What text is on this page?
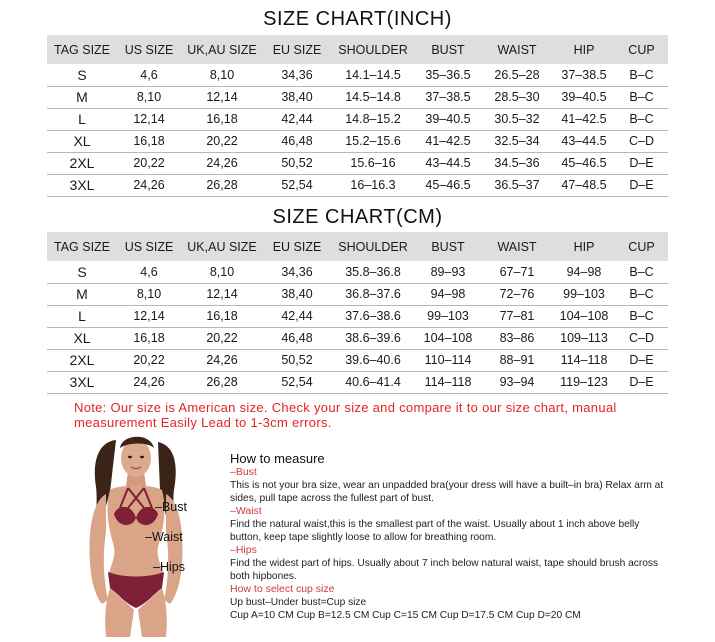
SIZE CHART(INCH)
TAG SIZE	US SIZE	UK,AU SIZE	EU SIZE	SHOULDER	BUST	WAIST	HIP	CUP
S	4,6	8,10	34,36	14.1–14.5	35–36.5	26.5–28	37–38.5	B–C
M	8,10	12,14	38,40	14.5–14.8	37–38.5	28.5–30	39–40.5	B–C
L	12,14	16,18	42,44	14.8–15.2	39–40.5	30.5–32	41–42.5	B–C
XL	16,18	20,22	46,48	15.2–15.6	41–42.5	32.5–34	43–44.5	C–D
2XL	20,22	24,26	50,52	15.6–16	43–44.5	34.5–36	45–46.5	D–E
3XL	24,26	26,28	52,54	16–16.3	45–46.5	36.5–37	47–48.5	D–E
SIZE CHART(CM)
TAG SIZE	US SIZE	UK,AU SIZE	EU SIZE	SHOULDER	BUST	WAIST	HIP	CUP
S	4,6	8,10	34,36	35.8–36.8	89–93	67–71	94–98	B–C
M	8,10	12,14	38,40	36.8–37.6	94–98	72–76	99–103	B–C
L	12,14	16,18	42,44	37.6–38.6	99–103	77–81	104–108	B–C
XL	16,18	20,22	46,48	38.6–39.6	104–108	83–86	109–113	C–D
2XL	20,22	24,26	50,52	39.6–40.6	110–114	88–91	114–118	D–E
3XL	24,26	26,28	52,54	40.6–41.4	114–118	93–94	119–123	D–E
Note: Our size is American size. Check your size and compare it to our size chart, manual measurement Easily Lead to 1-3cm errors.
–Bust
–Waist
–Hips

How to measure

–Bust

This is not your bra size, wear an unpadded bra(your dress will have a built–in bra) Relax arm at sides, pull tape across the fullest part of bust.

–Waist

Find the natural waist,this is the smallest part of the waist. Usually about 1 inch above belly button, keep tape slightly loose to allow for breathing room.

–Hips

Find the widest part of hips. Usually about 7 inch below natural waist, tape should brush across both hipbones.

How to select cup size

Up bust–Under bust=Cup size

Cup A=10 CM Cup B=12.5 CM Cup C=15 CM Cup D=17.5 CM Cup D=20 CM
